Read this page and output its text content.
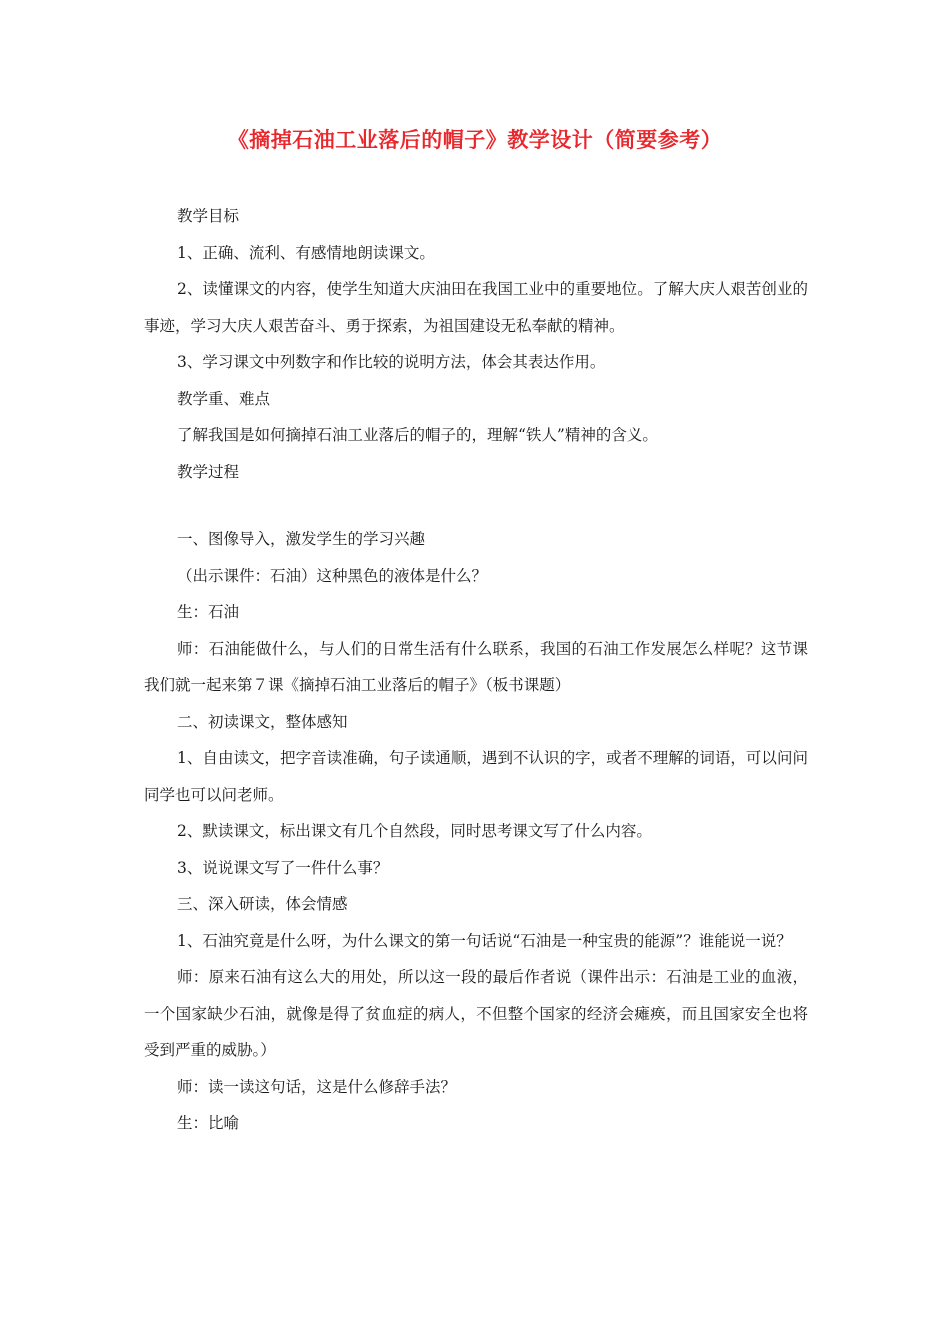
《摘掉石油工业落后的帽子》教学设计（简要参考）

教学目标

1、正确、流利、有感情地朗读课文。

2、读懂课文的内容，使学生知道大庆油田在我国工业中的重要地位。了解大庆人艰苦创业的事迹，学习大庆人艰苦奋斗、勇于探索，为祖国建设无私奉献的精神。

3、学习课文中列数字和作比较的说明方法，体会其表达作用。

教学重、难点

了解我国是如何摘掉石油工业落后的帽子的，理解“铁人”精神的含义。

教学过程

一、图像导入，激发学生的学习兴趣

（出示课件：石油）这种黑色的液体是什么？

生：石油

师：石油能做什么，与人们的日常生活有什么联系，我国的石油工作发展怎么样呢？这节课我们就一起来第７课《摘掉石油工业落后的帽子》（板书课题）

二、初读课文，整体感知

1、自由读文，把字音读准确，句子读通顺，遇到不认识的字，或者不理解的词语，可以问问同学也可以问老师。

2、默读课文，标出课文有几个自然段，同时思考课文写了什么内容。

3、说说课文写了一件什么事？

三、深入研读，体会情感

1、石油究竟是什么呀，为什么课文的第一句话说“石油是一种宝贵的能源”？谁能说一说？

师：原来石油有这么大的用处，所以这一段的最后作者说（课件出示：石油是工业的血液，一个国家缺少石油，就像是得了贫血症的病人，不但整个国家的经济会瘫痪，而且国家安全也将受到严重的威胁。）

师：读一读这句话，这是什么修辞手法？

生：比喻
